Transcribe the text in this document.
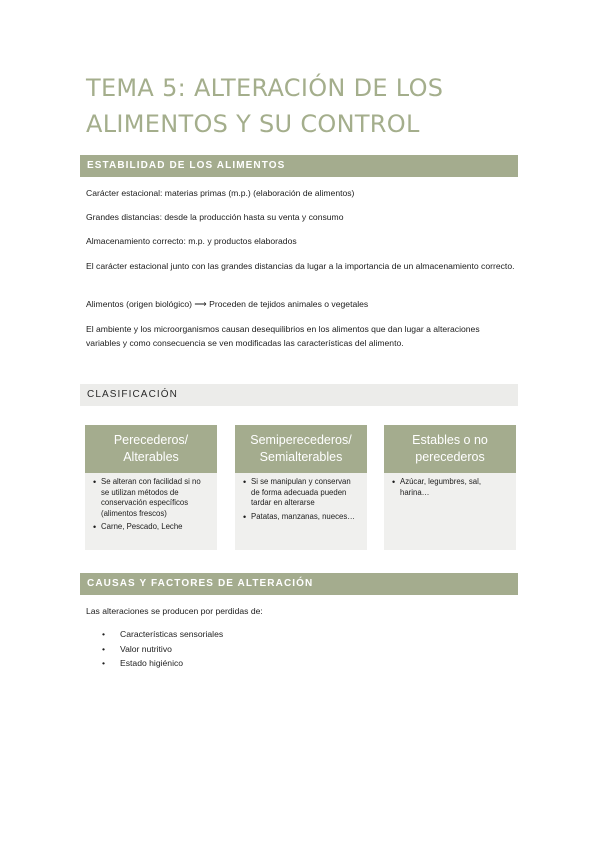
TEMA 5: ALTERACIÓN DE LOS ALIMENTOS Y SU CONTROL
ESTABILIDAD DE LOS ALIMENTOS

Carácter estacional: materias primas (m.p.) (elaboración de alimentos)

Grandes distancias: desde la producción hasta su venta y consumo

Almacenamiento correcto: m.p. y productos elaborados

El carácter estacional junto con las grandes distancias da lugar a la importancia de un almacenamiento correcto.

Alimentos (origen biológico) ⟶ Proceden de tejidos animales o vegetales

El ambiente y los microorganismos causan desequilibrios en los alimentos que dan lugar a alteraciones variables y como consecuencia se ven modificadas las características del alimento.

CLASIFICACIÓN
Perecederos/ Alterables
• Se alteran con facilidad si no se utilizan métodos de conservación específicos (alimentos frescos)
• Carne, Pescado, Leche
Semiperecederos/ Semialterables
• Si se manipulan y conservan de forma adecuada pueden tardar en alterarse
• Patatas, manzanas, nueces…
Estables o no perecederos
• Azúcar, legumbres, sal, harina…
CAUSAS Y FACTORES DE ALTERACIÓN

Las alteraciones se producen por perdidas de:

• Características sensoriales
• Valor nutritivo
• Estado higiénico
